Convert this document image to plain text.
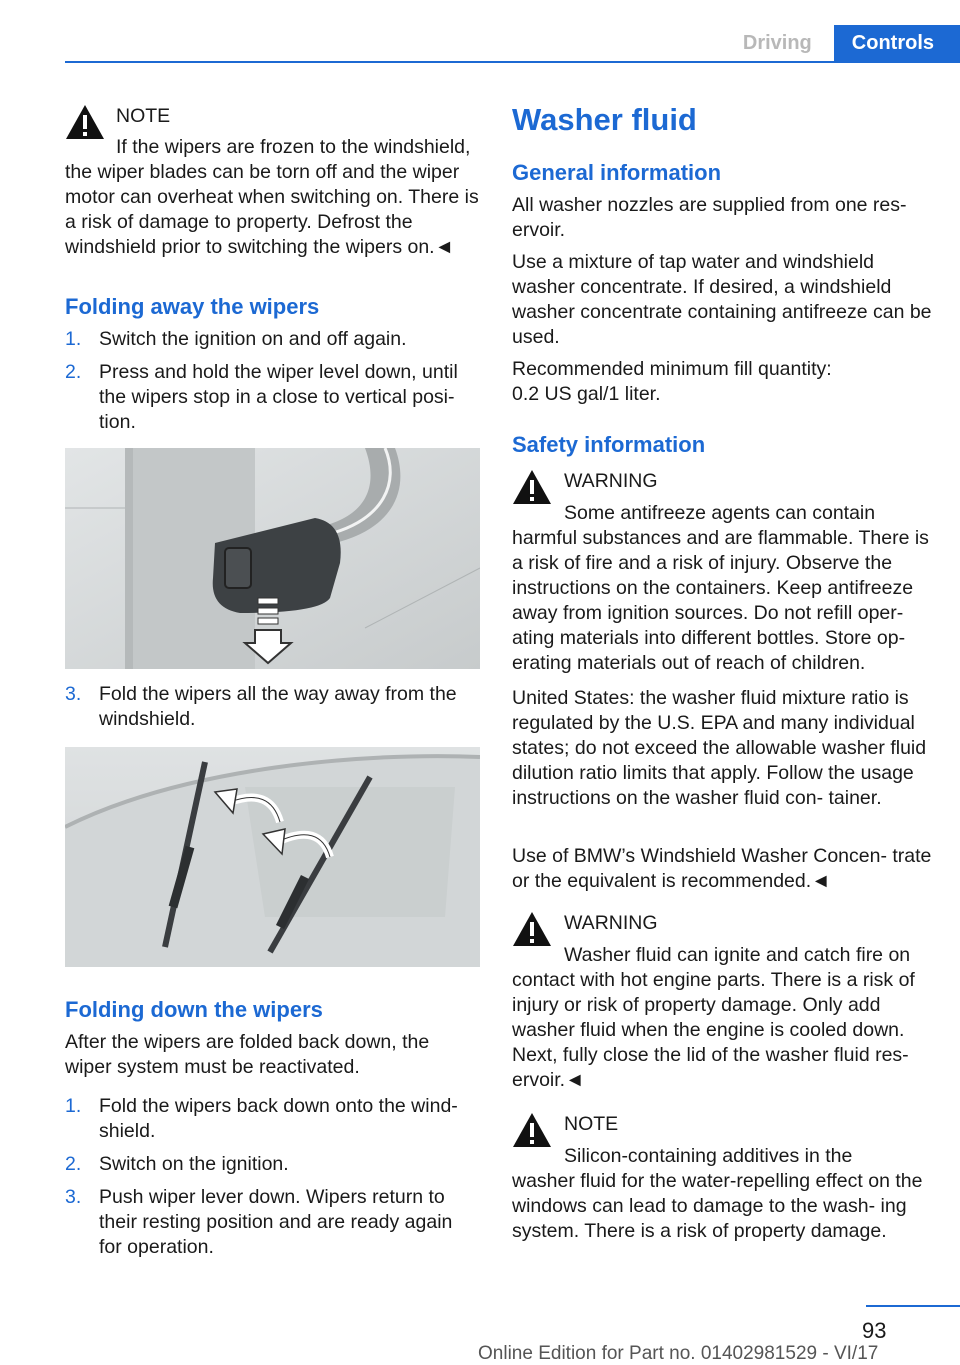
Driving	Controls
NOTE
If the wipers are frozen to the windshield,

the wiper blades can be torn off and the wiper motor can overheat when switching on. There is a risk of damage to property. Defrost the windshield prior to switching the wipers on.◄

Folding away the wipers
1. Switch the ignition on and off again.
2. Press and hold the wiper level down, until the wipers stop in a close to vertical posi‐ tion.
3. Fold the wipers all the way away from the windshield.
Folding down the wipers

After the wipers are folded back down, the wiper system must be reactivated.

1. Fold the wipers back down onto the wind‐ shield.
2. Switch on the ignition.
3. Push wiper lever down. Wipers return to their resting position and are ready again for operation.
Washer fluid
General information

All washer nozzles are supplied from one res‐ ervoir.

Use a mixture of tap water and windshield washer concentrate. If desired, a windshield washer concentrate containing antifreeze can be used.

Recommended minimum fill quantity:
0.2 US gal/1 liter.

Safety information
WARNING
Some antifreeze agents can contain

harmful substances and are flammable. There is a risk of fire and a risk of injury. Observe the instructions on the containers. Keep antifreeze away from ignition sources. Do not refill oper‐ ating materials into different bottles. Store op‐ erating materials out of reach of children.

United States: the washer fluid mixture ratio is regulated by the U.S. EPA and many individual states; do not exceed the allowable washer fluid dilution ratio limits that apply. Follow the usage instructions on the washer fluid con‐ tainer.

Use of BMW’s Windshield Washer Concen‐ trate or the equivalent is recommended.◄

WARNING
Washer fluid can ignite and catch fire on

contact with hot engine parts. There is a risk of injury or risk of property damage. Only add washer fluid when the engine is cooled down. Next, fully close the lid of the washer fluid res‐ ervoir.◄

NOTE
Silicon-containing additives in the

washer fluid for the water-repelling effect on the windows can lead to damage to the wash‐ ing system. There is a risk of property damage.

93
Online Edition for Part no. 01402981529 - VI/17
